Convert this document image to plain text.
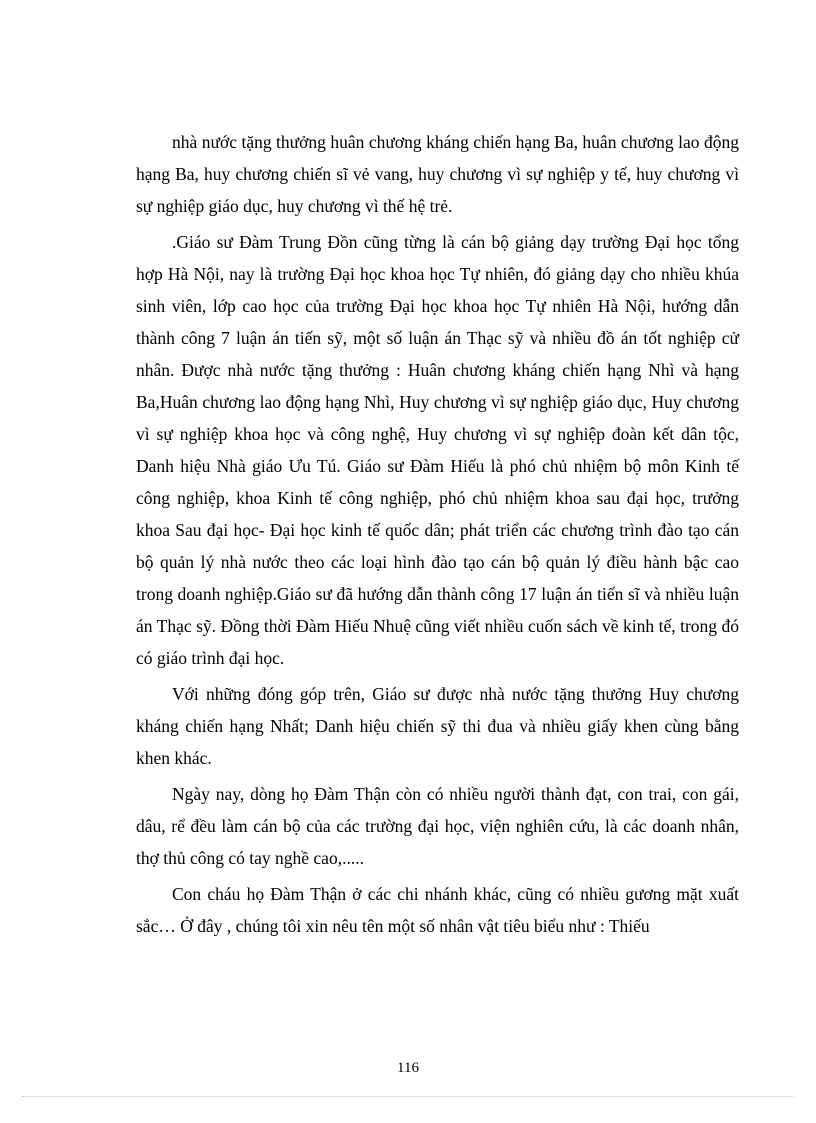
nhà nước tặng thưởng huân chương kháng chiến hạng Ba, huân chương lao động hạng Ba, huy chương chiến sĩ vẻ vang, huy chương vì sự nghiệp y tế, huy chương vì sự nghiệp giáo dục, huy chương vì thế hệ trẻ.

.Giáo sư Đàm Trung Đồn cũng từng là cán bộ giảng dạy trường Đại học tổng hợp Hà Nội, nay là trường Đại học khoa học Tự nhiên, đó giảng dạy cho nhiều khúa sinh viên, lớp cao học của trường Đại học khoa học Tự nhiên Hà Nội, hướng dẫn thành công 7 luận án tiến sỹ, một số luận án Thạc sỹ và nhiều đồ án tốt nghiệp cử nhân. Được nhà nước tặng thưởng : Huân chương kháng chiến hạng Nhì và hạng Ba,Huân chương lao động hạng Nhì, Huy chương vì sự nghiệp giáo dục, Huy chương vì sự nghiệp khoa học và công nghệ, Huy chương vì sự nghiệp đoàn kết dân tộc, Danh hiệu Nhà giáo Ưu Tú. Giáo sư Đàm Hiếu là phó chủ nhiệm bộ môn Kinh tế công nghiệp, khoa Kinh tế công nghiệp, phó chủ nhiệm khoa sau đại học, trưởng khoa Sau đại học- Đại học kinh tế quốc dân; phát triển các chương trình đào tạo cán bộ quản lý nhà nước theo các loại hình đào tạo cán bộ quản lý điều hành bậc cao trong doanh nghiệp.Giáo sư đã hướng dẫn thành công 17 luận án tiến sĩ và nhiều luận án Thạc sỹ. Đồng thời Đàm Hiếu Nhuệ cũng viết nhiều cuốn sách về kinh tế, trong đó có giáo trình đại học.

Với những đóng góp trên, Giáo sư được nhà nước tặng thưởng Huy chương kháng chiến hạng Nhất; Danh hiệu chiến sỹ thi đua và nhiều giấy khen cùng bằng khen khác.

Ngày nay, dòng họ Đàm Thận còn có nhiều người thành đạt, con trai, con gái, dâu, rể đều làm cán bộ của các trường đại học, viện nghiên cứu, là các doanh nhân, thợ thủ công có tay nghề cao,.....

Con cháu họ Đàm Thận ở các chi nhánh khác, cũng có nhiều gương mặt xuất sắc… Ở đây , chúng tôi xin nêu tên một số nhân vật tiêu biểu như : Thiếu

116
